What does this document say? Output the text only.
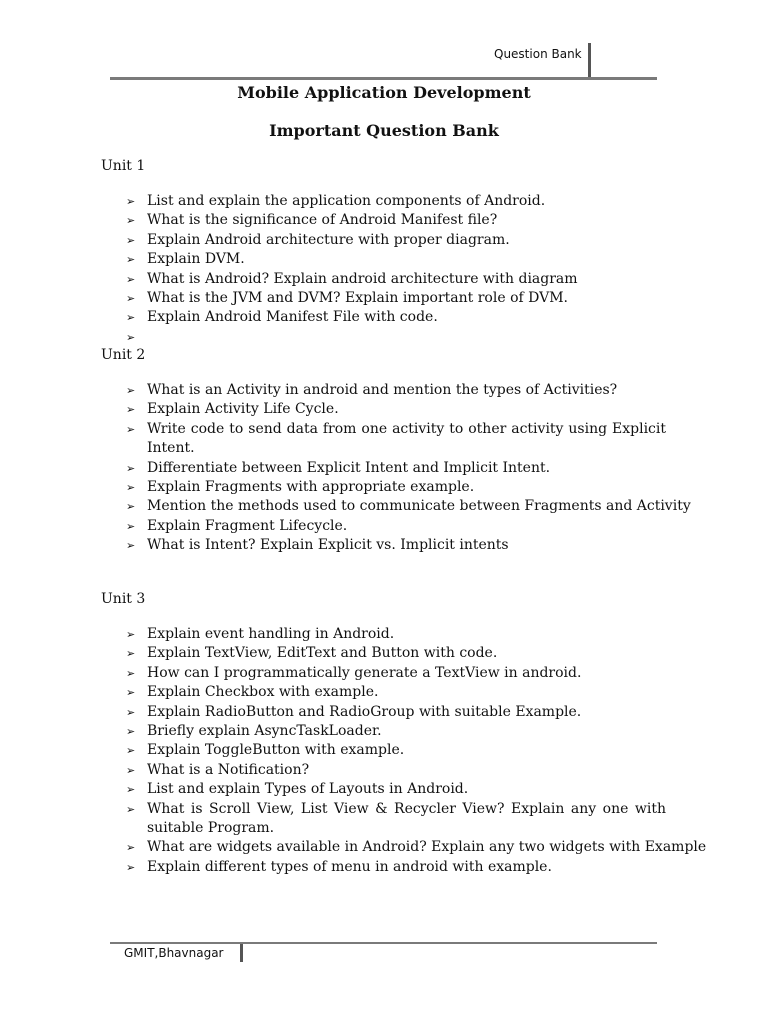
Question Bank
Mobile Application Development
Important Question Bank
Unit 1
➢ List and explain the application components of Android.
➢ What is the significance of Android Manifest file?
➢ Explain Android architecture with proper diagram.
➢ Explain DVM.
➢ What is Android? Explain android architecture with diagram
➢ What is the JVM and DVM? Explain important role of DVM.
➢ Explain Android Manifest File with code.
➢
Unit 2
➢ What is an Activity in android and mention the types of Activities?
➢ Explain Activity Life Cycle.
➢ Write code to send data from one activity to other activity using Explicit Intent.
➢ Differentiate between Explicit Intent and Implicit Intent.
➢ Explain Fragments with appropriate example.
➢ Mention the methods used to communicate between Fragments and Activity
➢ Explain Fragment Lifecycle.
➢ What is Intent? Explain Explicit vs. Implicit intents
Unit 3
➢ Explain event handling in Android.
➢ Explain TextView, EditText and Button with code.
➢ How can I programmatically generate a TextView in android.
➢ Explain Checkbox with example.
➢ Explain RadioButton and RadioGroup with suitable Example.
➢ Briefly explain AsyncTaskLoader.
➢ Explain ToggleButton with example.
➢ What is a Notification?
➢ List and explain Types of Layouts in Android.
➢ What is Scroll View, List View & Recycler View? Explain any one with suitable Program.
➢ What are widgets available in Android? Explain any two widgets with Example
➢ Explain different types of menu in android with example.
GMIT,Bhavnagar
